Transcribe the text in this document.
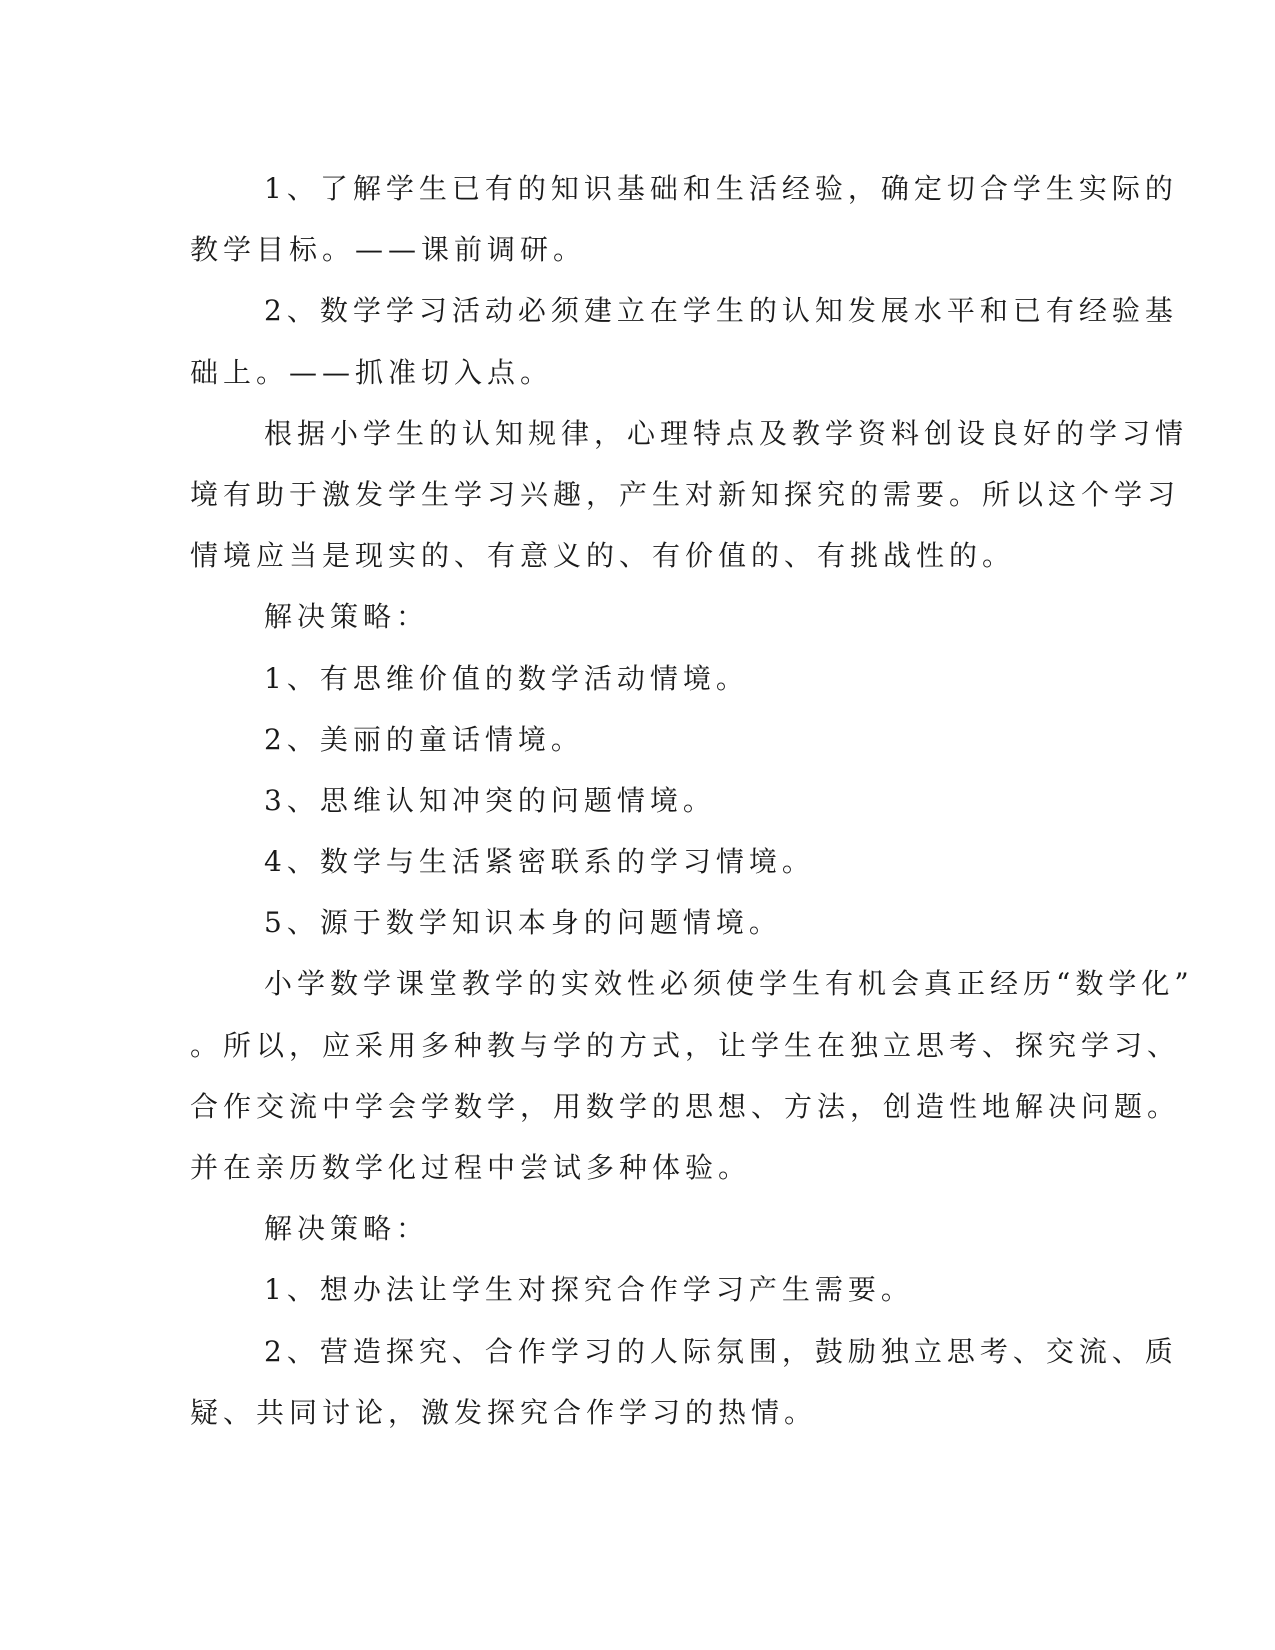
1、了解学生已有的知识基础和生活经验，确定切合学生实际的
教学目标。——课前调研。
2、数学学习活动必须建立在学生的认知发展水平和已有经验基
础上。——抓准切入点。
根据小学生的认知规律，心理特点及教学资料创设良好的学习情
境有助于激发学生学习兴趣，产生对新知探究的需要。所以这个学习
情境应当是现实的、有意义的、有价值的、有挑战性的。
解决策略：
1、有思维价值的数学活动情境。
2、美丽的童话情境。
3、思维认知冲突的问题情境。
4、数学与生活紧密联系的学习情境。
5、源于数学知识本身的问题情境。
小学数学课堂教学的实效性必须使学生有机会真正经历“数学化”
。所以，应采用多种教与学的方式，让学生在独立思考、探究学习、
合作交流中学会学数学，用数学的思想、方法，创造性地解决问题。
并在亲历数学化过程中尝试多种体验。
解决策略：
1、想办法让学生对探究合作学习产生需要。
2、营造探究、合作学习的人际氛围，鼓励独立思考、交流、质
疑、共同讨论，激发探究合作学习的热情。
